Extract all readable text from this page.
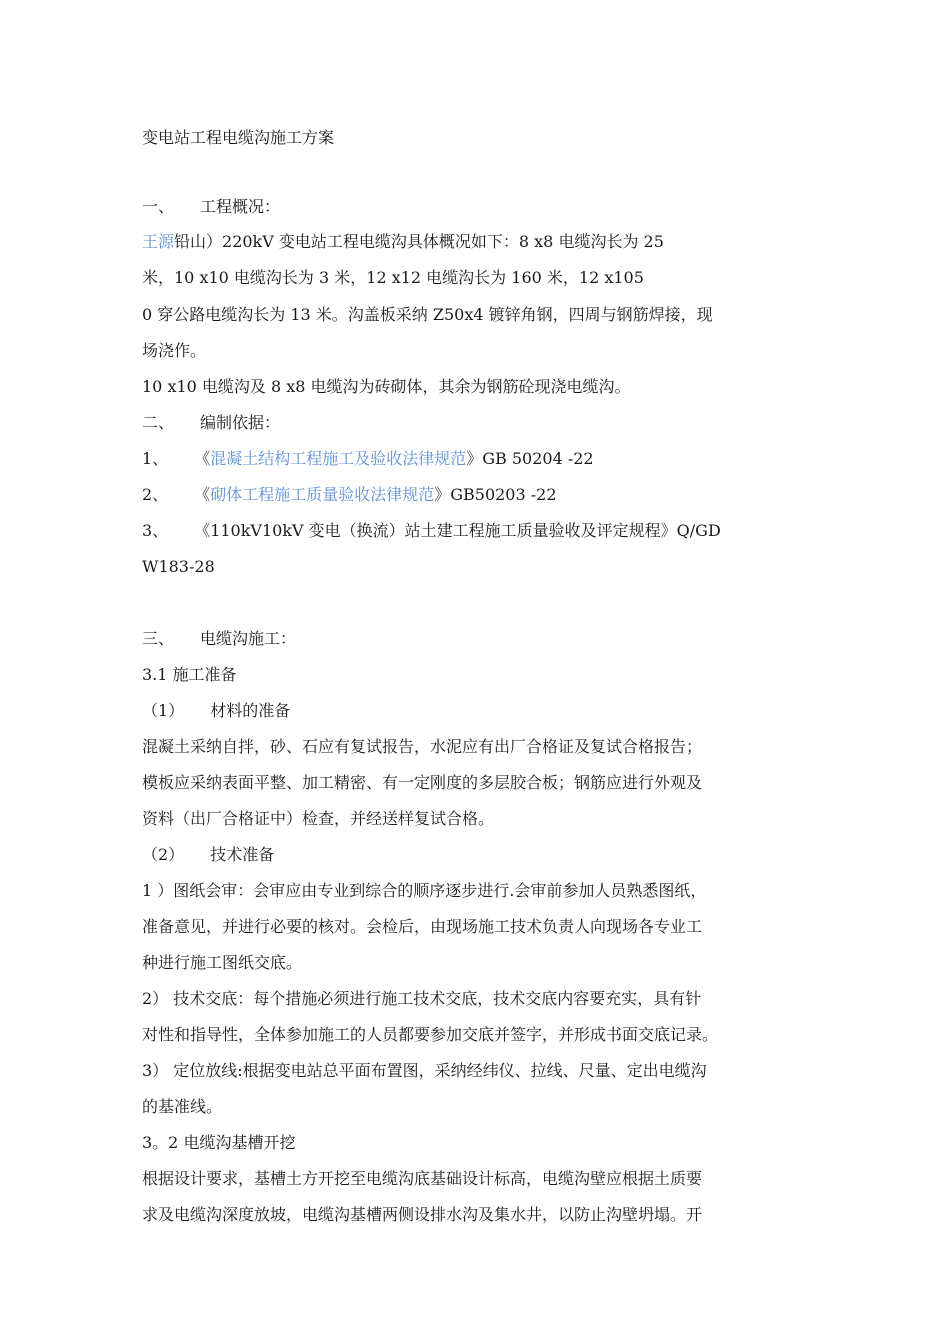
变电站工程电缆沟施工方案
一、 工程概况：
王源铅山）220kV 变电站工程电缆沟具体概况如下：8 x8 电缆沟长为 25
米，10 x10 电缆沟长为 3 米，12 x12 电缆沟长为 160 米，12 x105
0 穿公路电缆沟长为 13 米。沟盖板采纳 Z50x4 镀锌角钢，四周与钢筋焊接，现
场浇作。
10 x10 电缆沟及 8 x8 电缆沟为砖砌体，其余为钢筋砼现浇电缆沟。
二、 编制依据：
1、 《混凝土结构工程施工及验收法律规范》GB 50204 -22
2、 《砌体工程施工质量验收法律规范》GB50203 -22
3、 《110kV10kV 变电（换流）站土建工程施工质量验收及评定规程》Q/GD
W183-28
三、 电缆沟施工：
3.1 施工准备
（1） 材料的准备
混凝土采纳自拌，砂、石应有复试报告，水泥应有出厂合格证及复试合格报告；
模板应采纳表面平整、加工精密、有一定刚度的多层胶合板；钢筋应进行外观及
资料（出厂合格证中）检查，并经送样复试合格。
（2） 技术准备
1 ）图纸会审：会审应由专业到综合的顺序逐步进行.会审前参加人员熟悉图纸，
准备意见，并进行必要的核对。会检后，由现场施工技术负责人向现场各专业工
种进行施工图纸交底。
2） 技术交底：每个措施必须进行施工技术交底，技术交底内容要充实，具有针
对性和指导性，全体参加施工的人员都要参加交底并签字，并形成书面交底记录。
3） 定位放线:根据变电站总平面布置图，采纳经纬仪、拉线、尺量、定出电缆沟
的基准线。
3。2 电缆沟基槽开挖
根据设计要求，基槽土方开挖至电缆沟底基础设计标高，电缆沟壁应根据土质要
求及电缆沟深度放坡，电缆沟基槽两侧设排水沟及集水井，以防止沟壁坍塌。开
